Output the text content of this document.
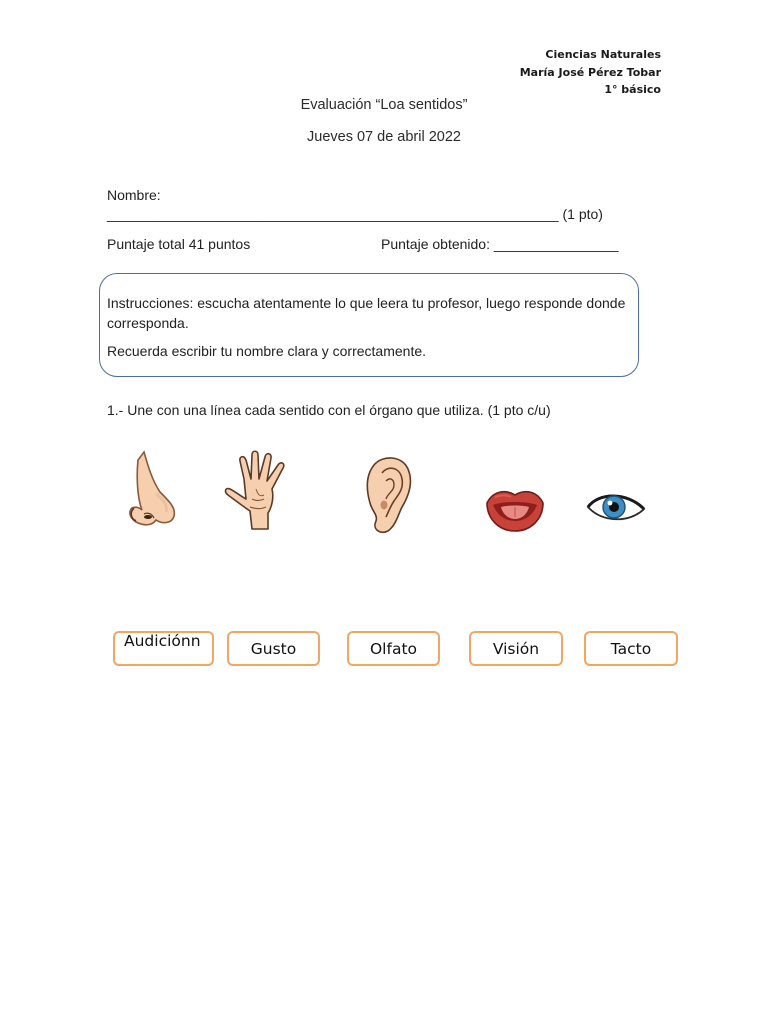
Ciencias Naturales
María José Pérez Tobar
1° básico
Evaluación “Loa sentidos”
Jueves 07 de abril 2022
Nombre:
__________________________________________________________ (1 pto)
Puntaje total 41 puntos	Puntaje obtenido: ________________

Instrucciones: escucha atentamente lo que leera tu profesor, luego responde donde corresponda.

Recuerda escribir tu nombre clara y correctamente.

1.- Une con una línea cada sentido con el órgano que utiliza. (1 pto c/u)
Audiciónn	Gusto	Olfato	Visión	Tacto
